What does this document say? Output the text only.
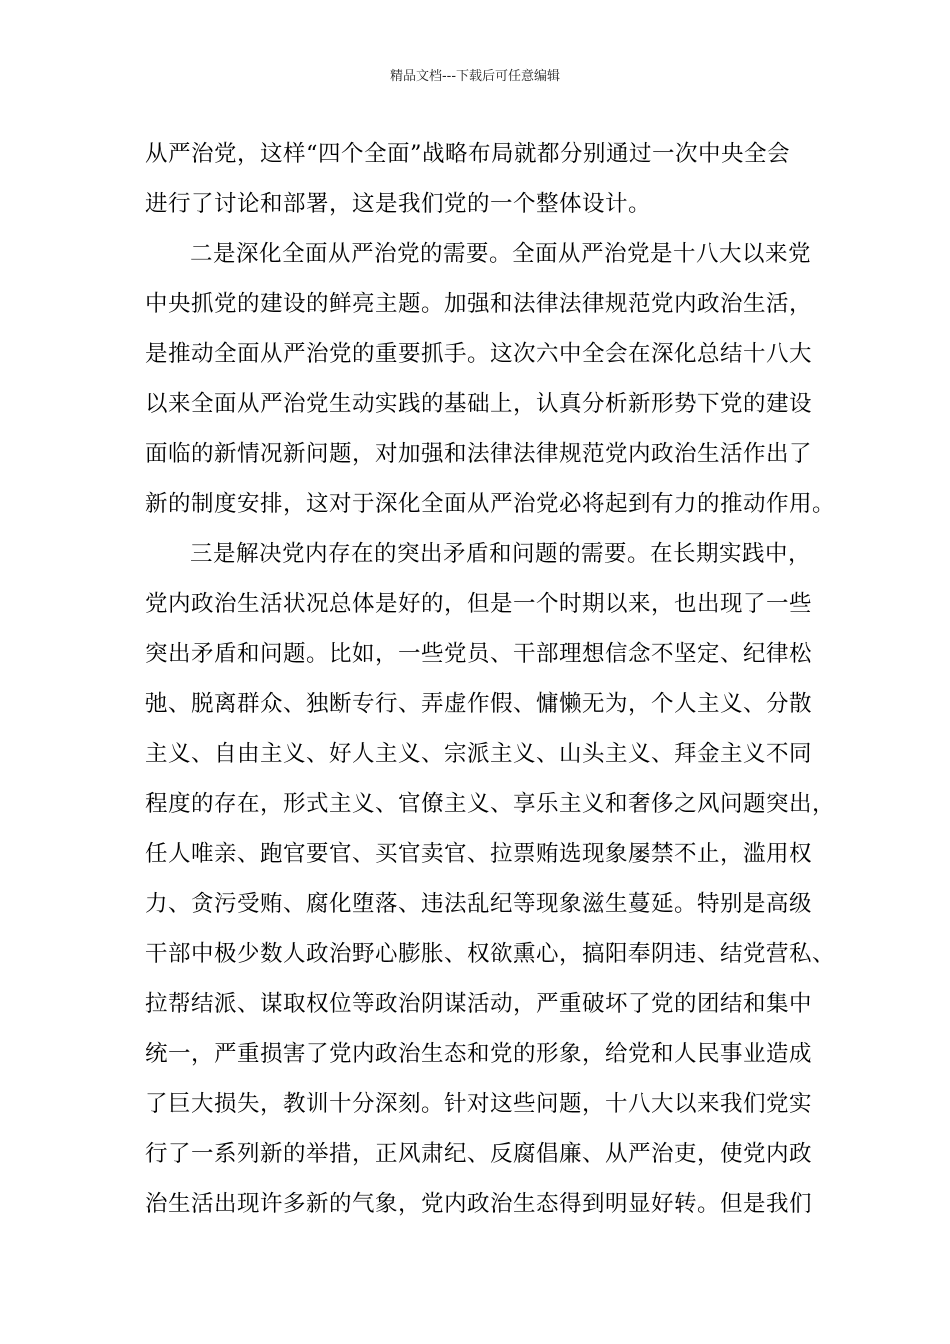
精品文档---下载后可任意编辑
从严治党，这样“四个全面”战略布局就都分别通过一次中央全会
进行了讨论和部署，这是我们党的一个整体设计。
二是深化全面从严治党的需要。全面从严治党是十八大以来党
中央抓党的建设的鲜亮主题。加强和法律法律规范党内政治生活，
是推动全面从严治党的重要抓手。这次六中全会在深化总结十八大
以来全面从严治党生动实践的基础上，认真分析新形势下党的建设
面临的新情况新问题，对加强和法律法律规范党内政治生活作出了
新的制度安排，这对于深化全面从严治党必将起到有力的推动作用。
三是解决党内存在的突出矛盾和问题的需要。在长期实践中，
党内政治生活状况总体是好的，但是一个时期以来，也出现了一些
突出矛盾和问题。比如，一些党员、干部理想信念不坚定、纪律松
弛、脱离群众、独断专行、弄虚作假、慵懒无为，个人主义、分散
主义、自由主义、好人主义、宗派主义、山头主义、拜金主义不同
程度的存在，形式主义、官僚主义、享乐主义和奢侈之风问题突出，
任人唯亲、跑官要官、买官卖官、拉票贿选现象屡禁不止，滥用权
力、贪污受贿、腐化堕落、违法乱纪等现象滋生蔓延。特别是高级
干部中极少数人政治野心膨胀、权欲熏心，搞阳奉阴违、结党营私、
拉帮结派、谋取权位等政治阴谋活动，严重破坏了党的团结和集中
统一，严重损害了党内政治生态和党的形象，给党和人民事业造成
了巨大损失，教训十分深刻。针对这些问题，十八大以来我们党实
行了一系列新的举措，正风肃纪、反腐倡廉、从严治吏，使党内政
治生活出现许多新的气象，党内政治生态得到明显好转。但是我们
